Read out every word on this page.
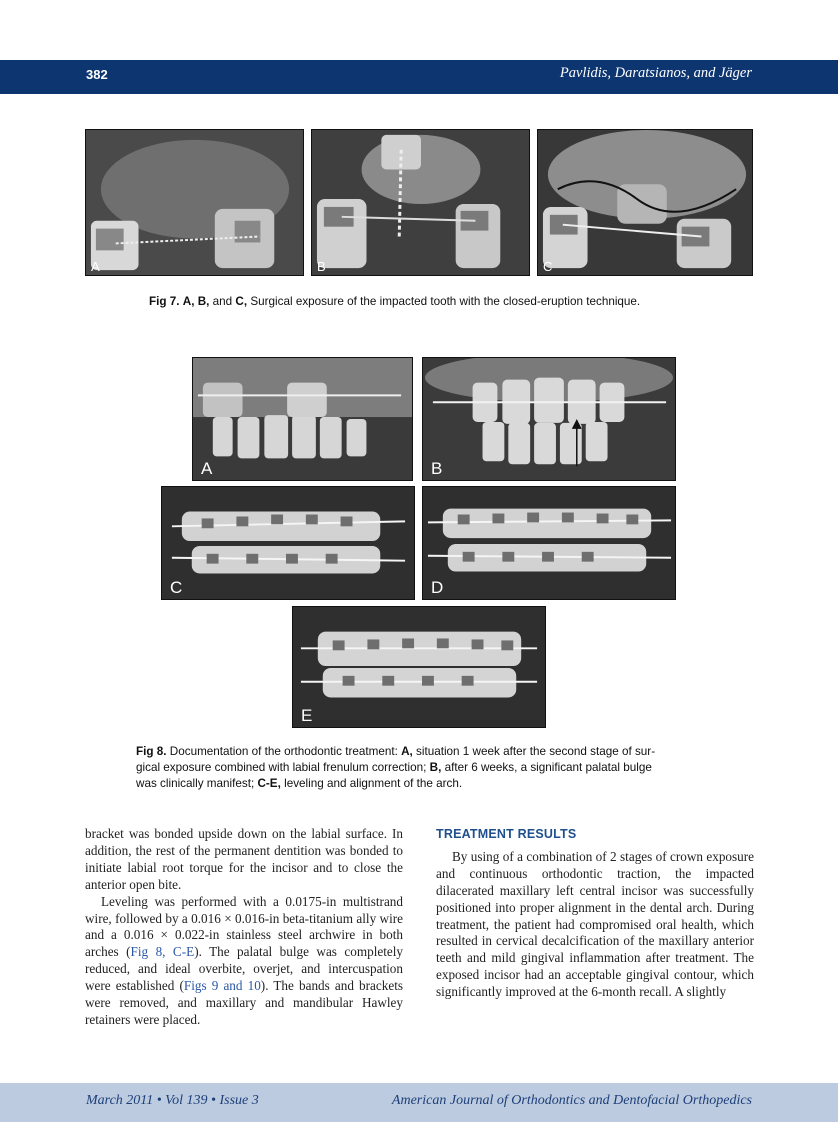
382	Pavlidis, Daratsianos, and Jäger
A	B	C
Fig 7. A, B, and C, Surgical exposure of the impacted tooth with the closed-eruption technique.
A	B
C	D
E
Fig 8. Documentation of the orthodontic treatment: A, situation 1 week after the second stage of sur-
gical exposure combined with labial frenulum correction; B, after 6 weeks, a significant palatal bulge
was clinically manifest; C-E, leveling and alignment of the arch.

bracket was bonded upside down on the labial surface. In addition, the rest of the permanent dentition was bonded to initiate labial root torque for the incisor and to close the anterior open bite.

Leveling was performed with a 0.0175-in multistrand wire, followed by a 0.016 × 0.016-in beta-titanium ally wire and a 0.016 × 0.022-in stainless steel archwire in both arches (Fig 8, C-E). The palatal bulge was completely reduced, and ideal overbite, overjet, and intercuspation were established (Figs 9 and 10). The bands and brackets were removed, and maxillary and mandibular Hawley retainers were placed.

TREATMENT RESULTS

By using of a combination of 2 stages of crown exposure and continuous orthodontic traction, the impacted dilacerated maxillary left central incisor was successfully positioned into proper alignment in the dental arch. During treatment, the patient had compromised oral health, which resulted in cervical decalcification of the maxillary anterior teeth and mild gingival inflammation after treatment. The exposed incisor had an acceptable gingival contour, which significantly improved at the 6-month recall. A slightly

March 2011 • Vol 139 • Issue 3	American Journal of Orthodontics and Dentofacial Orthopedics
